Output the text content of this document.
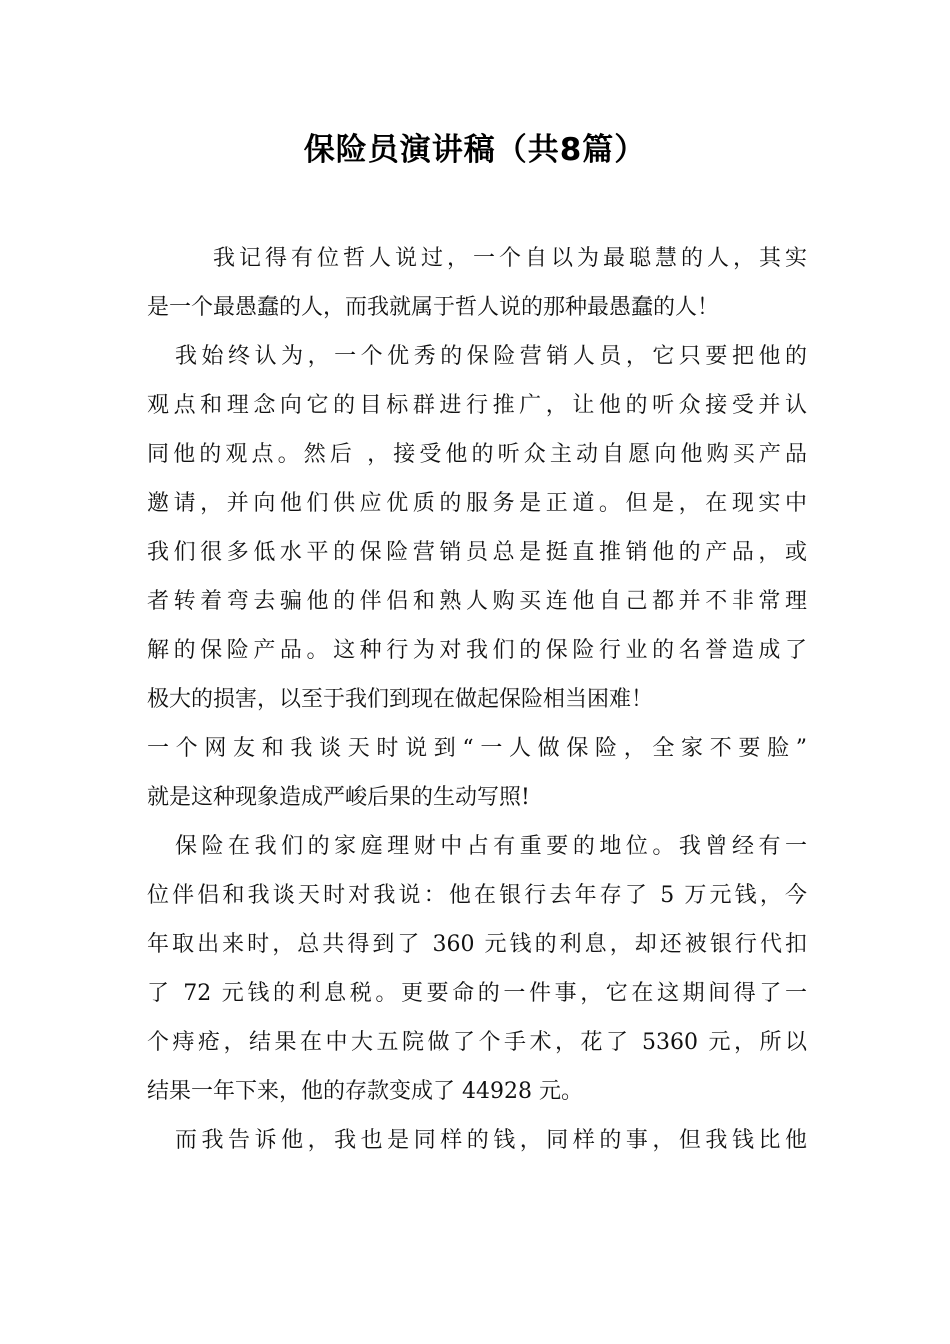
保险员演讲稿（共8篇）
我记得有位哲人说过，一个自以为最聪慧的人，其实
是一个最愚蠢的人，而我就属于哲人说的那种最愚蠢的人！
我始终认为，一个优秀的保险营销人员，它只要把他的
观点和理念向它的目标群进行推广，让他的听众接受并认
同他的观点。然后 ，接受他的听众主动自愿向他购买产品
邀请，并向他们供应优质的服务是正道。但是，在现实中
我们很多低水平的保险营销员总是挺直推销他的产品，或
者转着弯去骗他的伴侣和熟人购买连他自己都并不非常理
解的保险产品。这种行为对我们的保险行业的名誉造成了
极大的损害，以至于我们到现在做起保险相当困难！
一个网友和我谈天时说到“一人做保险，全家不要脸”
就是这种现象造成严峻后果的生动写照!
保险在我们的家庭理财中占有重要的地位。我曾经有一
位伴侣和我谈天时对我说：他在银行去年存了 5 万元钱，今
年取出来时，总共得到了 360 元钱的利息，却还被银行代扣
了 72 元钱的利息税。更要命的一件事，它在这期间得了一
个痔疮，结果在中大五院做了个手术，花了 5360 元，所以
结果一年下来，他的存款变成了 44928 元。
而我告诉他，我也是同样的钱，同样的事，但我钱比他
